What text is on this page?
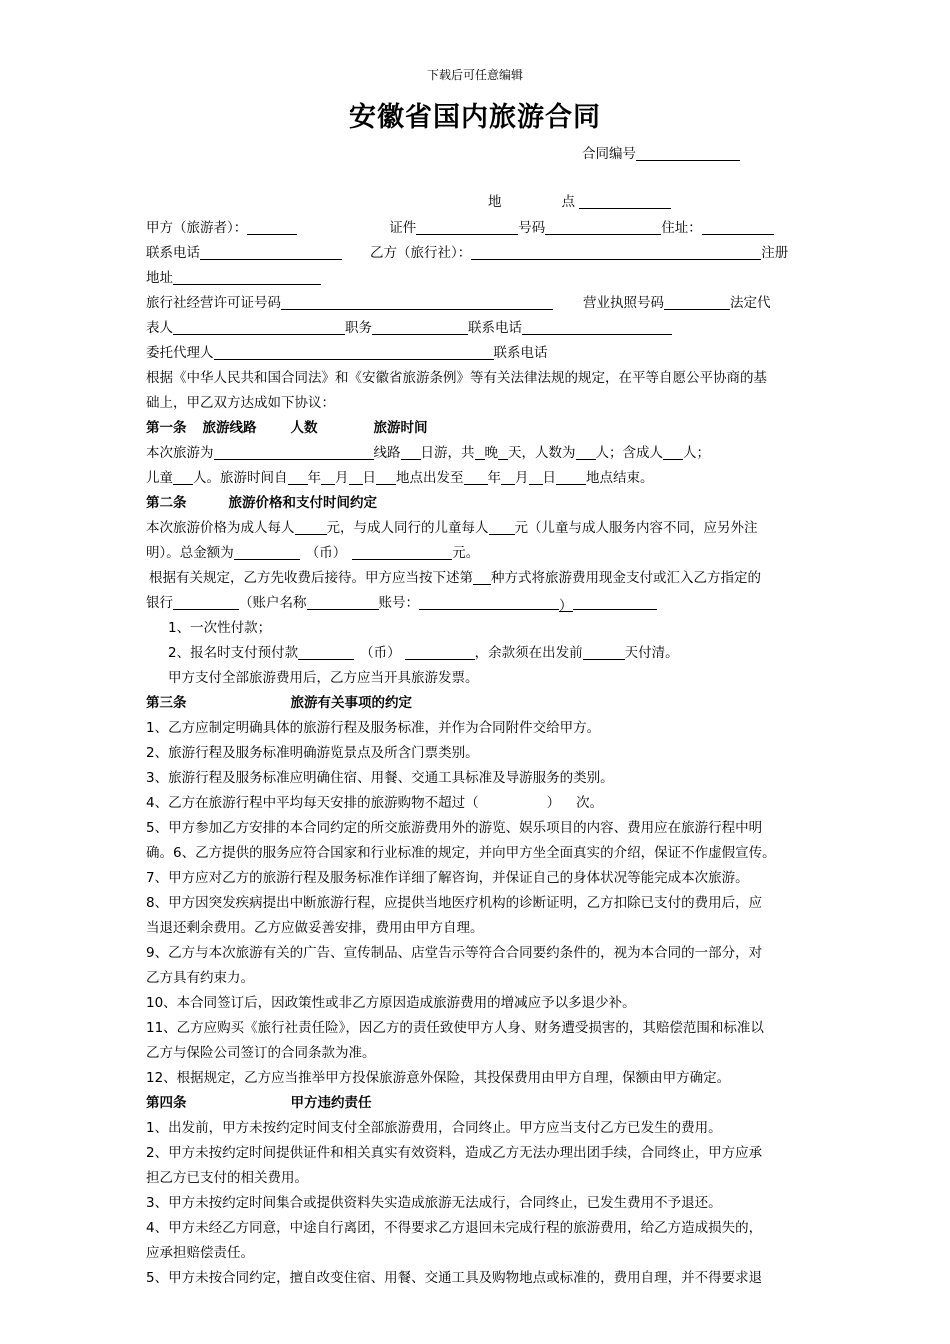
下载后可任意编辑
安徽省国内旅游合同
合同编号
地	点
甲方（旅游者）：	证件	号码	住址：
联系电话	乙方（旅行社）：	注册
地址
旅行社经营许可证号码	营业执照号码	法定代
表人	职务	联系电话
委托代理人	联系电话
根据《中华人民共和国合同法》和《安徽省旅游条例》等有关法律法规的规定，在平等自愿公平协商的基
础上，甲乙双方达成如下协议：
第一条 旅游线路	人数	旅游时间
本次旅游为	线路 日游，共 晚 天，人数为 人；含成人 人；
儿童 人。旅游时间自 年 月 日 地点出发至 年 月 日 地点结束。
第二条	旅游价格和支付时间约定
本次旅游价格为成人每人 元，与成人同行的儿童每人 元（儿童与成人服务内容不同，应另外注
明）。总金额为	（币）	元。
根据有关规定，乙方先收费后接待。甲方应当按下述第 种方式将旅游费用现金支付或汇入乙方指定的
银行	（账户名称	账号：	）
1、一次性付款；
2、报名时支付预付款	（币）	，余款须在出发前	天付清。
甲方支付全部旅游费用后，乙方应当开具旅游发票。
第三条	旅游有关事项的约定
1、乙方应制定明确具体的旅游行程及服务标准，并作为合同附件交给甲方。
2、旅游行程及服务标准明确游览景点及所含门票类别。
3、旅游行程及服务标准应明确住宿、用餐、交通工具标准及导游服务的类别。
4、乙方在旅游行程中平均每天安排的旅游购物不超过（	） 次。
5、甲方参加乙方安排的本合同约定的所交旅游费用外的游览、娱乐项目的内容、费用应在旅游行程中明
确。6、乙方提供的服务应符合国家和行业标准的规定，并向甲方坐全面真实的介绍，保证不作虚假宣传。
7、甲方应对乙方的旅游行程及服务标准作详细了解咨询，并保证自己的身体状况等能完成本次旅游。
8、甲方因突发疾病提出中断旅游行程，应提供当地医疗机构的诊断证明，乙方扣除已支付的费用后，应
当退还剩余费用。乙方应做妥善安排，费用由甲方自理。
9、乙方与本次旅游有关的广告、宣传制品、店堂告示等符合合同要约条件的，视为本合同的一部分，对
乙方具有约束力。
10、本合同签订后，因政策性或非乙方原因造成旅游费用的增减应予以多退少补。
11、乙方应购买《旅行社责任险》，因乙方的责任致使甲方人身、财务遭受损害的，其赔偿范围和标准以
乙方与保险公司签订的合同条款为准。
12、根据规定，乙方应当推举甲方投保旅游意外保险，其投保费用由甲方自理，保额由甲方确定。
第四条	甲方违约责任
1、出发前，甲方未按约定时间支付全部旅游费用，合同终止。甲方应当支付乙方已发生的费用。
2、甲方未按约定时间提供证件和相关真实有效资料，造成乙方无法办理出团手续，合同终止，甲方应承
担乙方已支付的相关费用。
3、甲方未按约定时间集合或提供资料失实造成旅游无法成行，合同终止，已发生费用不予退还。
4、甲方未经乙方同意，中途自行离团，不得要求乙方退回未完成行程的旅游费用，给乙方造成损失的，
应承担赔偿责任。
5、甲方未按合同约定，擅自改变住宿、用餐、交通工具及购物地点或标准的，费用自理，并不得要求退
